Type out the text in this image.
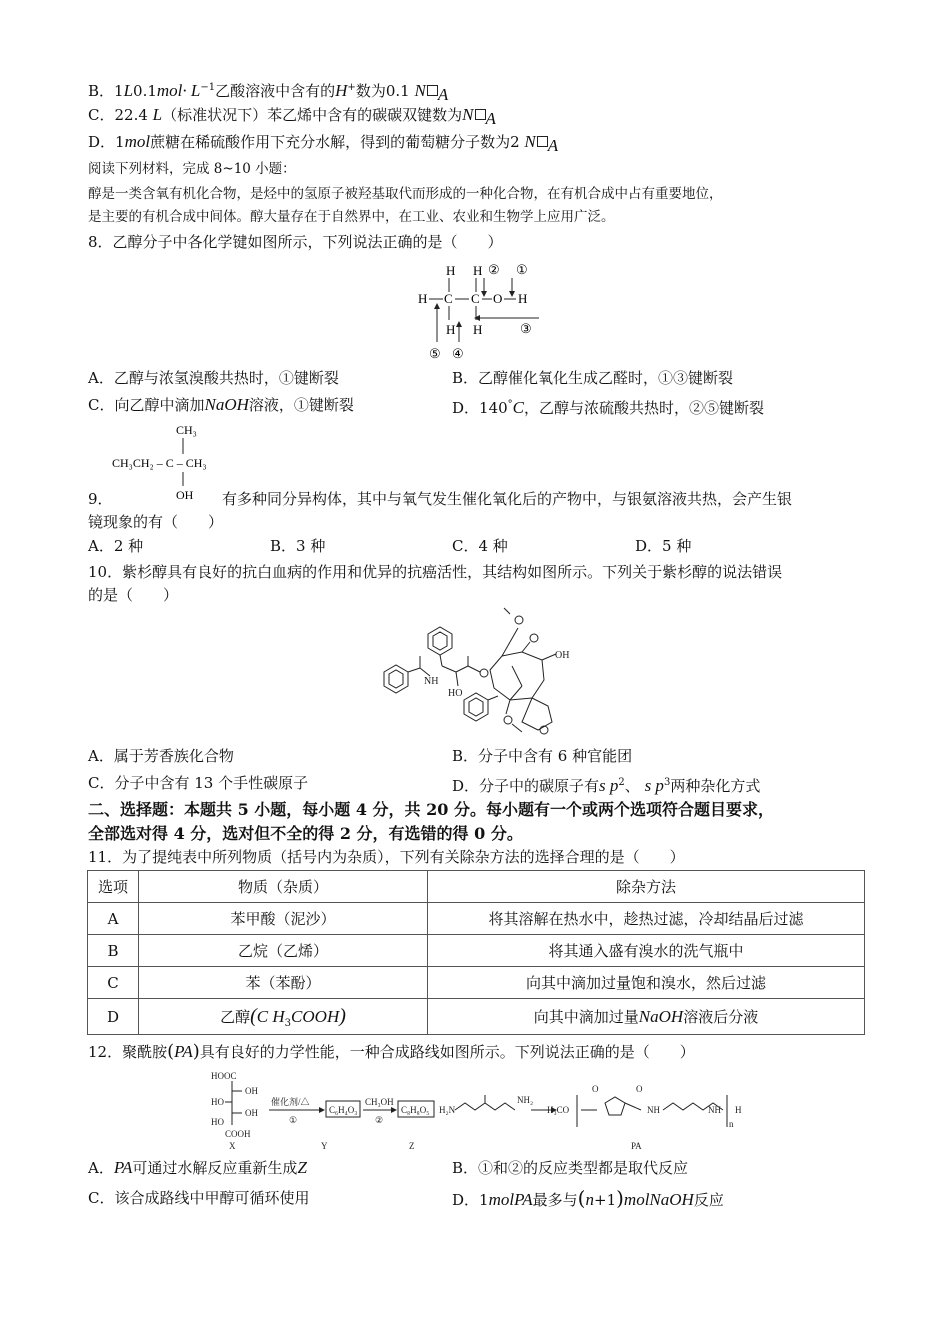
B．$1L0.1mol\cdot L^{-1}$乙酸溶液中含有的H+数为0.1 N $_A$
C．22.4 L（标准状况下）苯乙烯中含有的碳碳双键数为N $_A$
D．1mol蔗糖在稀硫酸作用下充分水解，得到的葡萄糖分子数为2 N $_A$
阅读下列材料，完成 8~10 小题：
醇是一类含氧有机化合物，是烃中的氢原子被羟基取代而形成的一种化合物，在有机合成中占有重要地位，
是主要的有机合成中间体。醇大量存在于自然界中，在工业、农业和生物学上应用广泛。
8．乙醇分子中各化学键如图所示，下列说法正确的是（　　）
H H ② ①
H C C O H
H H	③
⑤ ④
A．乙醇与浓氢溴酸共热时，①键断裂	B．乙醇催化氧化生成乙醛时，①③键断裂
C．向乙醇中滴加NaOH溶液，①键断裂	D．140°C，乙醇与浓硫酸共热时，②⑤键断裂
CH₃
CH₃CH₂ – C – CH₃
OH
9．	有多种同分异构体，其中与氧气发生催化氧化后的产物中，与银氨溶液共热，会产生银
镜现象的有（　　）
A．2 种	B．3 种	C．4 种	D．5 种
10．紫杉醇具有良好的抗白血病的作用和优异的抗癌活性，其结构如图所示。下列关于紫杉醇的说法错误
的是（　　）
NH
HO
OH
A．属于芳香族化合物	B．分子中含有 6 种官能团
C．分子中含有 13 个手性碳原子	D．分子中的碳原子有s $p^2$、 s $p^3$两种杂化方式
二、选择题：本题共 5 小题，每小题 4 分，共 20 分。每小题有一个或两个选项符合题目要求，
全部选对得 4 分，选对但不全的得 2 分，有选错的得 0 分。
11．为了提纯表中所列物质（括号内为杂质），下列有关除杂方法的选择合理的是（　　）
选项	物质（杂质）	除杂方法
A	苯甲酸（泥沙）	将其溶解在热水中，趁热过滤，冷却结晶后过滤
B	乙烷（乙烯）	将其通入盛有溴水的洗气瓶中
C	苯（苯酚）	向其中滴加过量饱和溴水，然后过滤
D	乙醇(C $H_3COOH$)	向其中滴加过量NaOH溶液后分液
12．聚酰胺(PA)具有良好的力学性能，一种合成路线如图所示。下列说法正确的是（　　）
HOOC
OH
HO
OH
HO
COOH
X
催化剂/△
①
C₆H₄O₃
Y
CH₃OH
②
C₈H₈O₅
Z
H₂N
NH₂
H₃CO
O	O
NH	NH
n
H
PA
A．PA可通过水解反应重新生成Z	B．①和②的反应类型都是取代反应
C．该合成路线中甲醇可循环使用	D．1molPA最多与(n+1)molNaOH反应
